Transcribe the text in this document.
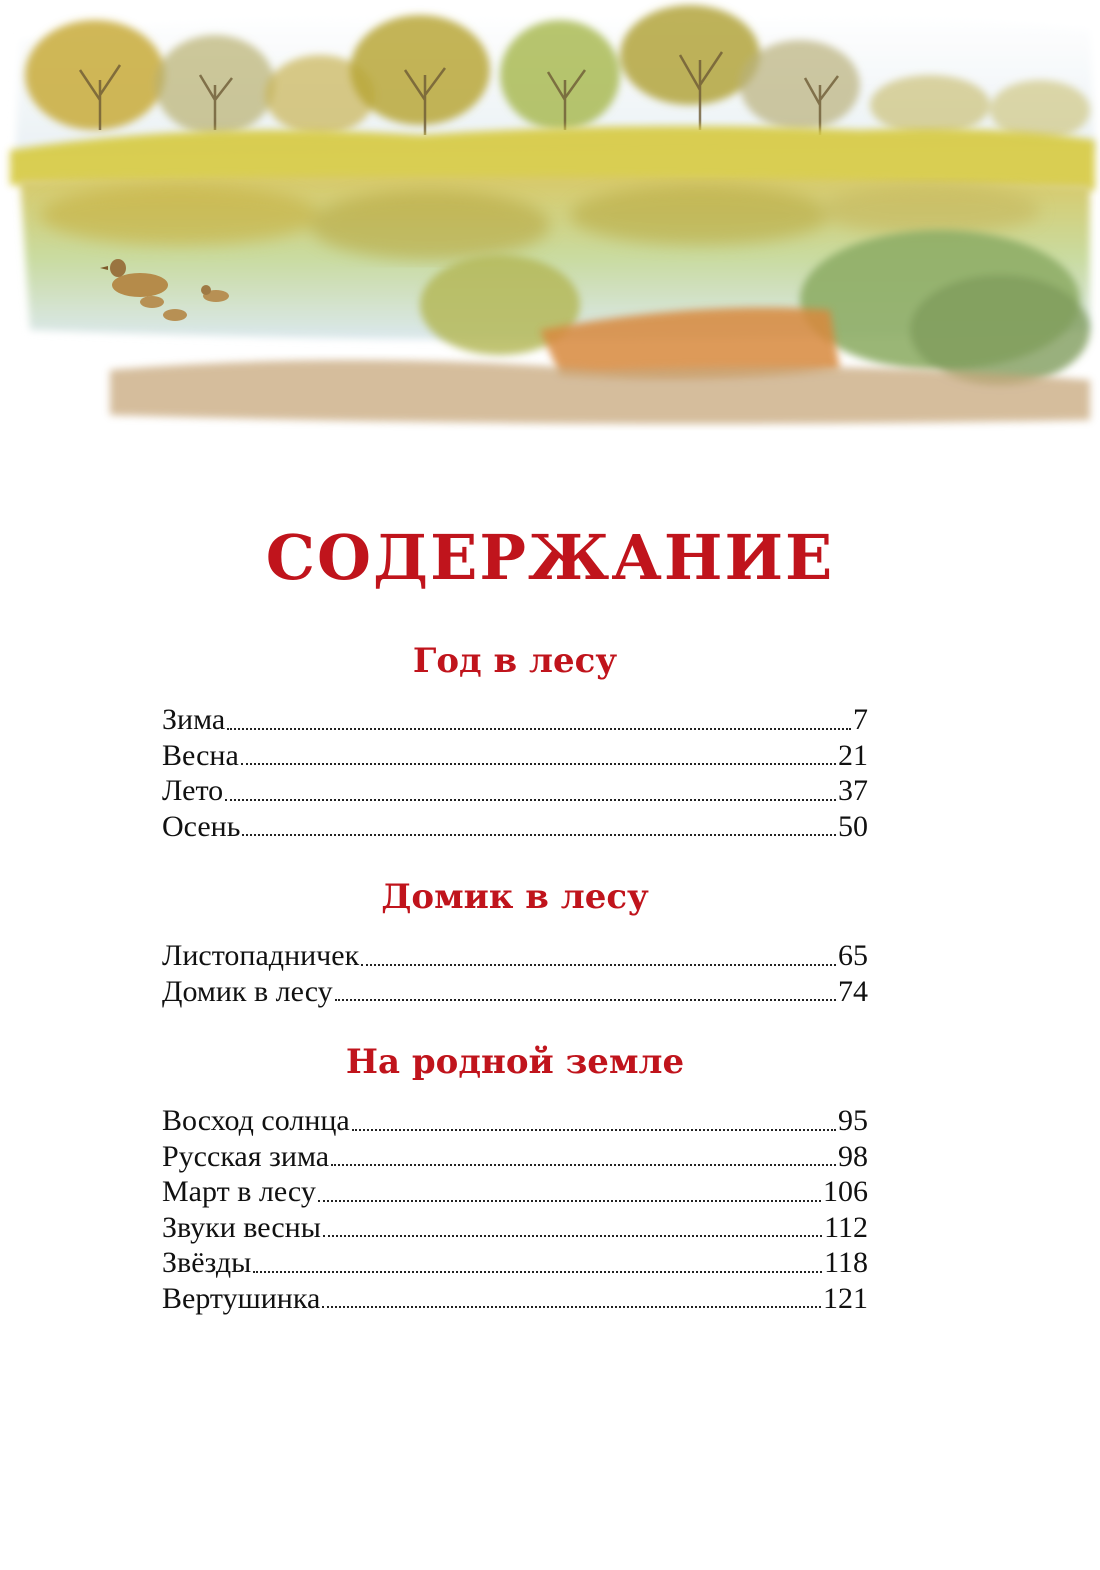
СОДЕРЖАНИЕ
Год в лесу
Зима	7
Весна	21
Лето	37
Осень	50
Домик в лесу
Листопадничек	65
Домик в лесу	74
На родной земле
Восход солнца	95
Русская зима	98
Март в лесу	106
Звуки весны	112
Звёзды	118
Вертушинка	121
